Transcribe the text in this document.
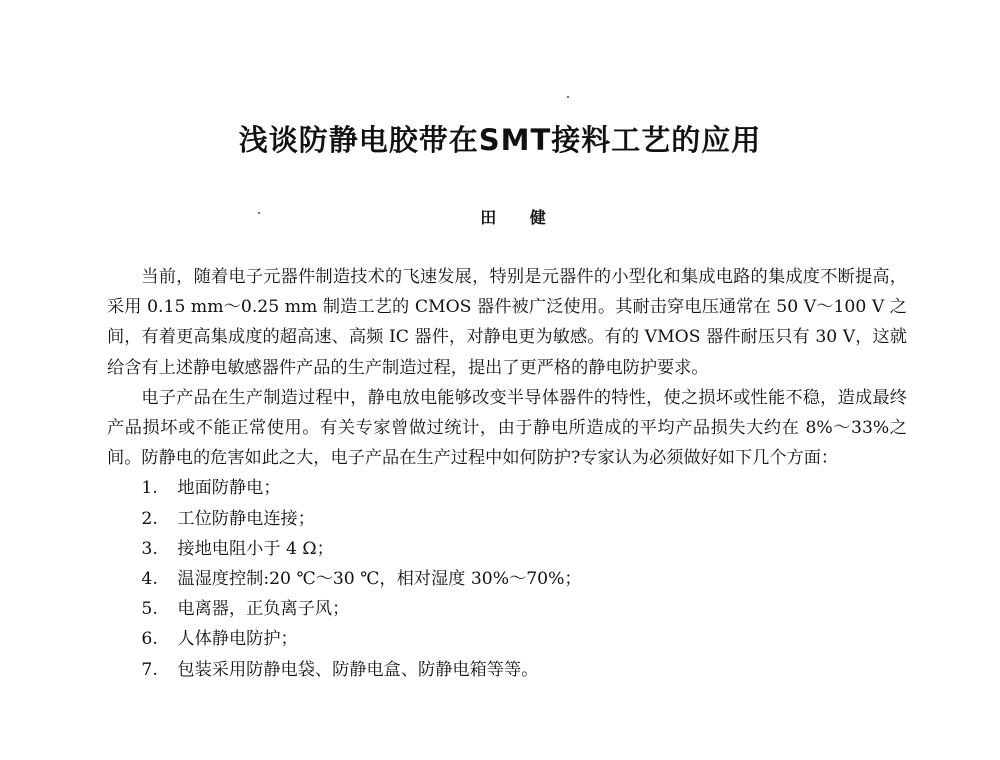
浅谈防静电胶带在SMT接料工艺的应用
田 健

当前，随着电子元器件制造技术的飞速发展，特别是元器件的小型化和集成电路的集成度不断提高，采用 0.15 mm～0.25 mm 制造工艺的 CMOS 器件被广泛使用。其耐击穿电压通常在 50 V～100 V 之间，有着更高集成度的超高速、高频 IC 器件，对静电更为敏感。有的 VMOS 器件耐压只有 30 V，这就给含有上述静电敏感器件产品的生产制造过程，提出了更严格的静电防护要求。

电子产品在生产制造过程中，静电放电能够改变半导体器件的特性，使之损坏或性能不稳，造成最终产品损坏或不能正常使用。有关专家曾做过统计，由于静电所造成的平均产品损失大约在 8%～33%之间。防静电的危害如此之大，电子产品在生产过程中如何防护?专家认为必须做好如下几个方面：

1. 地面防静电；
2. 工位防静电连接；
3. 接地电阻小于 4 Ω；
4. 温湿度控制:20 ℃～30 ℃，相对湿度 30%～70%；
5. 电离器，正负离子风；
6. 人体静电防护；
7. 包装采用防静电袋、防静电盒、防静电箱等等。
